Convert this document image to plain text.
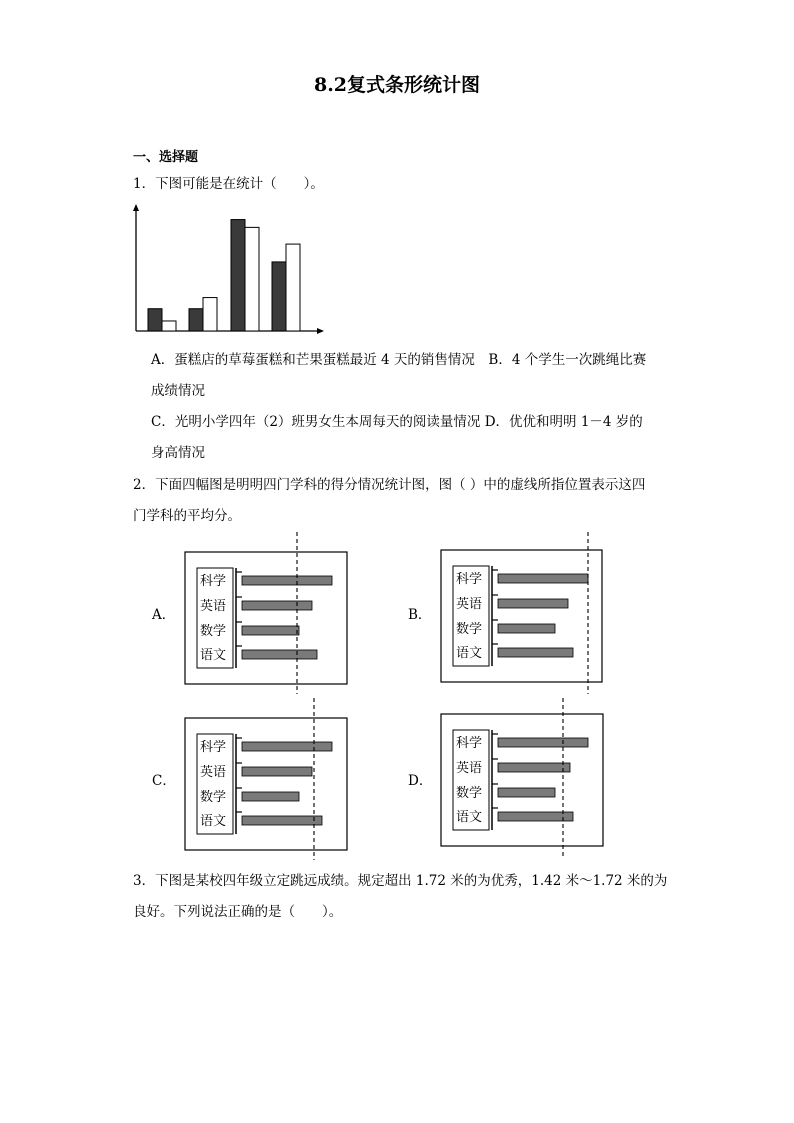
8.2复式条形统计图
一、选择题
1．下图可能是在统计（　　）。
A．蛋糕店的草莓蛋糕和芒果蛋糕最近 4 天的销售情况　B．4 个学生一次跳绳比赛
成绩情况
C．光明小学四年（2）班男女生本周每天的阅读量情况 D．优优和明明 1－4 岁的
身高情况
2．下面四幅图是明明四门学科的得分情况统计图，图（ ）中的虚线所指位置表示这四
门学科的平均分。
A．	B．
C．	D．
科学
英语
数学
语文
科学
英语
数学
语文
科学
英语
数学
语文
科学
英语
数学
语文
3．下图是某校四年级立定跳远成绩。规定超出 1.72 米的为优秀，1.42 米～1.72 米的为
良好。下列说法正确的是（　　）。
